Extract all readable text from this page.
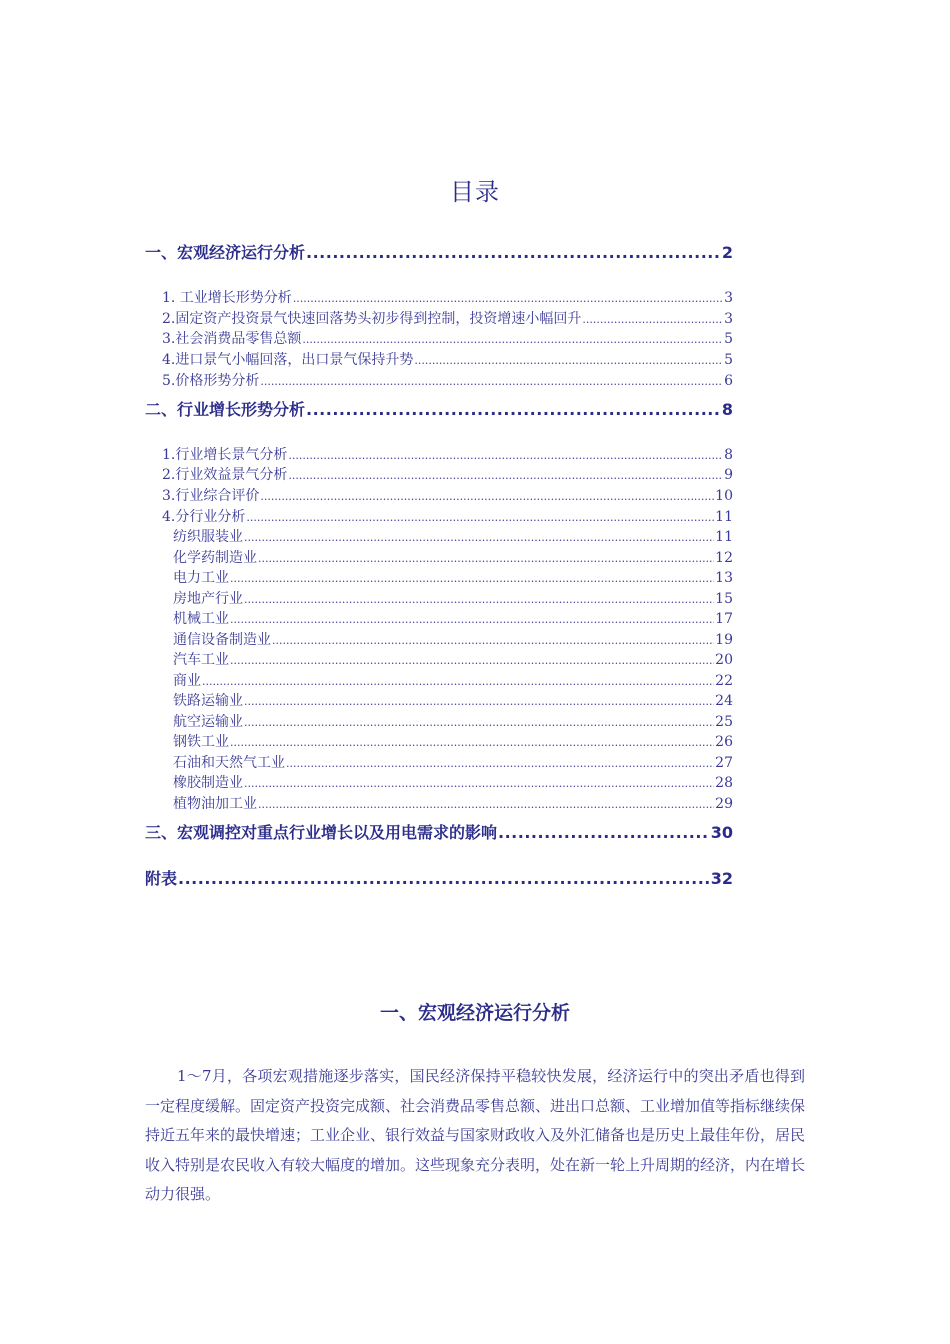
目录
一、宏观经济运行分析 .....	2
1. 工业增长形势分析 .....	3
2.固定资产投资景气快速回落势头初步得到控制，投资增速小幅回升 .....	3
3.社会消费品零售总额 .....	5
4.进口景气小幅回落，出口景气保持升势 .....	5
5.价格形势分析 .....	6
二、行业增长形势分析 .....	8
1.行业增长景气分析 .....	8
2.行业效益景气分析 .....	9
3.行业综合评价 .....	10
4.分行业分析 .....	11
纺织服装业 .....	11
化学药制造业 .....	12
电力工业 .....	13
房地产行业 .....	15
机械工业 .....	17
通信设备制造业 .....	19
汽车工业 .....	20
商业 .....	22
铁路运输业 .....	24
航空运输业 .....	25
钢铁工业 .....	26
石油和天然气工业 .....	27
橡胶制造业 .....	28
植物油加工业 .....	29
三、宏观调控对重点行业增长以及用电需求的影响 .....	30
附表 .....	32
一、宏观经济运行分析

1～7月，各项宏观措施逐步落实，国民经济保持平稳较快发展，经济运行中的突出矛盾也得到一定程度缓解。固定资产投资完成额、社会消费品零售总额、进出口总额、工业增加值等指标继续保持近五年来的最快增速；工业企业、银行效益与国家财政收入及外汇储备也是历史上最佳年份，居民收入特别是农民收入有较大幅度的增加。这些现象充分表明，处在新一轮上升周期的经济，内在增长动力很强。
